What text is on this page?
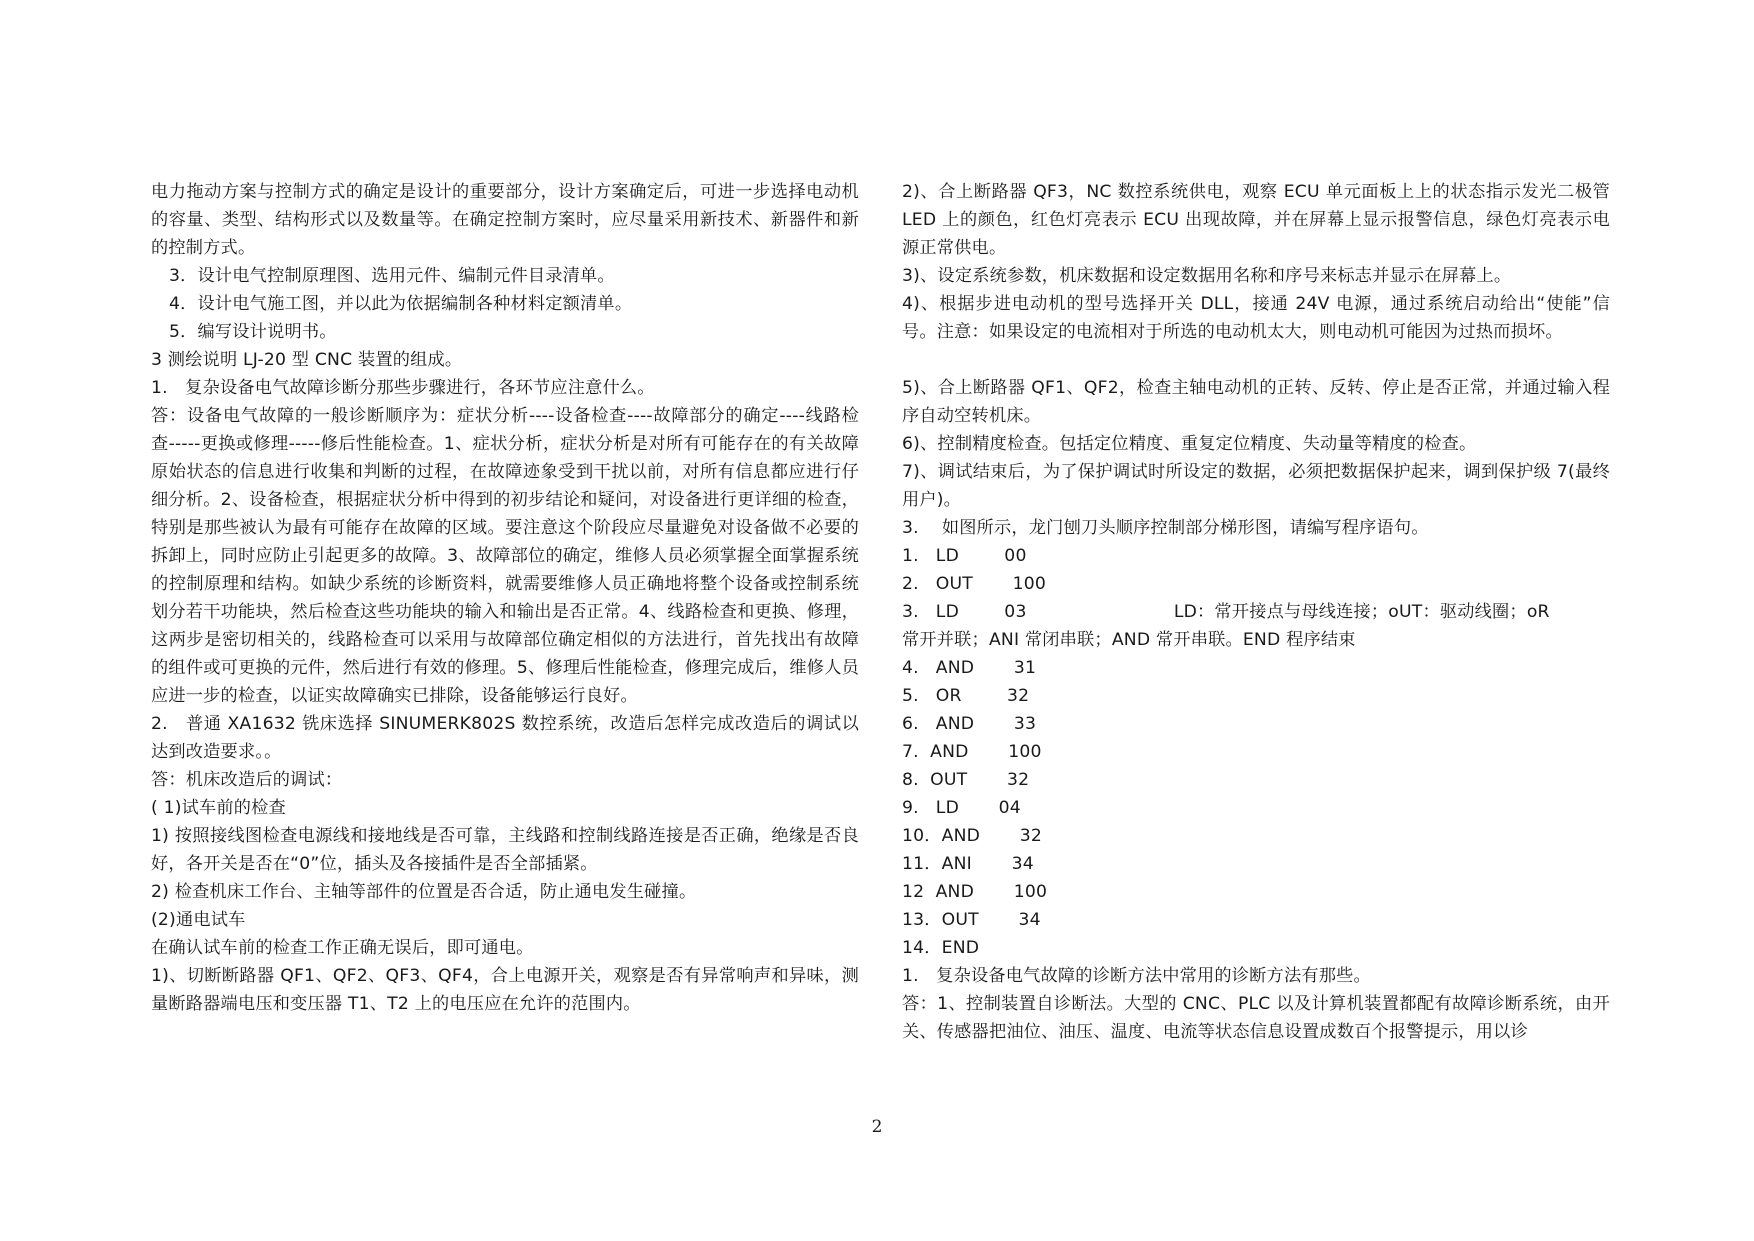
电力拖动方案与控制方式的确定是设计的重要部分，设计方案确定后，可进一步选择电动机的容量、类型、结构形式以及数量等。在确定控制方案时，应尽量采用新技术、新器件和新的控制方式。

3．设计电气控制原理图、选用元件、编制元件目录清单。

4．设计电气施工图，并以此为依据编制各种材料定额清单。

5．编写设计说明书。

3 测绘说明 LJ-20 型 CNC 装置的组成。

1.　复杂设备电气故障诊断分那些步骤进行，各环节应注意什么。

答：设备电气故障的一般诊断顺序为：症状分析----设备检查----故障部分的确定----线路检查-----更换或修理-----修后性能检查。1、症状分析，症状分析是对所有可能存在的有关故障原始状态的信息进行收集和判断的过程，在故障迹象受到干扰以前，对所有信息都应进行仔细分析。2、设备检查，根据症状分析中得到的初步结论和疑问，对设备进行更详细的检查，特别是那些被认为最有可能存在故障的区域。要注意这个阶段应尽量避免对设备做不必要的拆卸上，同时应防止引起更多的故障。3、故障部位的确定，维修人员必须掌握全面掌握系统的控制原理和结构。如缺少系统的诊断资料，就需要维修人员正确地将整个设备或控制系统划分若干功能块，然后检查这些功能块的输入和输出是否正常。4、线路检查和更换、修理，这两步是密切相关的，线路检查可以采用与故障部位确定相似的方法进行，首先找出有故障的组件或可更换的元件，然后进行有效的修理。5、修理后性能检查，修理完成后，维修人员应进一步的检查，以证实故障确实已排除，设备能够运行良好。

2.　普通 XA1632 铣床选择 SINUMERK802S 数控系统，改造后怎样完成改造后的调试以达到改造要求。。

答：机床改造后的调试：

( 1)试车前的检查

1) 按照接线图检查电源线和接地线是否可靠，主线路和控制线路连接是否正确，绝缘是否良好，各开关是否在“0”位，插头及各接插件是否全部插紧。

2) 检查机床工作台、主轴等部件的位置是否合适，防止通电发生碰撞。

(2)通电试车

在确认试车前的检查工作正确无误后，即可通电。

1)、切断断路器 QF1、QF2、QF3、QF4，合上电源开关，观察是否有异常响声和异味，测量断路器端电压和变压器 T1、T2 上的电压应在允许的范围内。

2)、合上断路器 QF3，NC 数控系统供电，观察 ECU 单元面板上上的状态指示发光二极管 LED 上的颜色，红色灯亮表示 ECU 出现故障，并在屏幕上显示报警信息，绿色灯亮表示电源正常供电。

3)、设定系统参数，机床数据和设定数据用名称和序号来标志并显示在屏幕上。

4)、根据步进电动机的型号选择开关 DLL，接通 24V 电源，通过系统启动给出“使能”信号。注意：如果设定的电流相对于所选的电动机太大，则电动机可能因为过热而损坏。

5)、合上断路器 QF1、QF2，检查主轴电动机的正转、反转、停止是否正常，并通过输入程序自动空转机床。

6)、控制精度检查。包括定位精度、重复定位精度、失动量等精度的检查。

7)、调试结束后，为了保护调试时所设定的数据，必须把数据保护起来，调到保护级 7(最终用户)。

3.　 如图所示，龙门刨刀头顺序控制部分梯形图，请编写程序语句。

1.   LD        00

2.   OUT       100

3.   LD        03                          LD：常开接点与母线连接；oUT：驱动线圈；oR

常开并联；ANI 常闭串联；AND 常开串联。END 程序结束

4.   AND       31

5.   OR        32

6.   AND       33

7.  AND       100

8.  OUT       32

9.   LD       04

10．AND       32

11．ANI       34

12  AND       100

13．OUT       34

14．END

1.　复杂设备电气故障的诊断方法中常用的诊断方法有那些。

答：1、控制装置自诊断法。大型的 CNC、PLC 以及计算机装置都配有故障诊断系统，由开关、传感器把油位、油压、温度、电流等状态信息设置成数百个报警提示，用以诊

2
